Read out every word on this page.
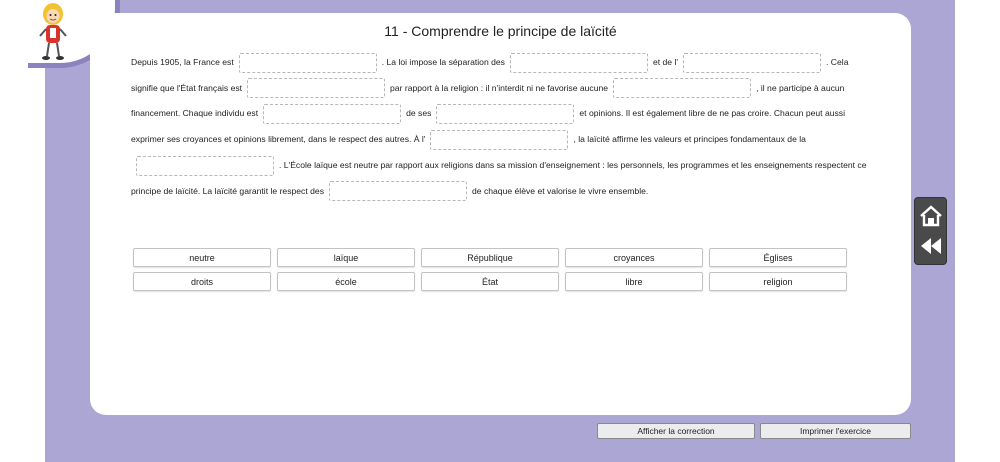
11 - Comprendre le principe de laïcité
Depuis 1905, la France est	. La loi impose la séparation des	et de l'	. Cela signifie que l'État français est	par rapport à la religion : il n'interdit ni ne favorise aucune	, il ne participe à aucun financement. Chaque individu est	de ses	et opinions. Il est également libre de ne pas croire. Chacun peut aussi exprimer ses croyances et opinions librement, dans le respect des autres. À l'	, la laïcité affirme les valeurs et principes fondamentaux de la. L'École laïque est neutre par rapport aux religions dans sa mission d'enseignement : les personnels, les programmes et les enseignements respectent ce principe de laïcité. La laïcité garantit le respect des	de chaque élève et valorise le vivre ensemble.
neutre	laïque	République	croyances	Églises
droits	école	État	libre	religion
Afficher la correction	Imprimer l'exercice
